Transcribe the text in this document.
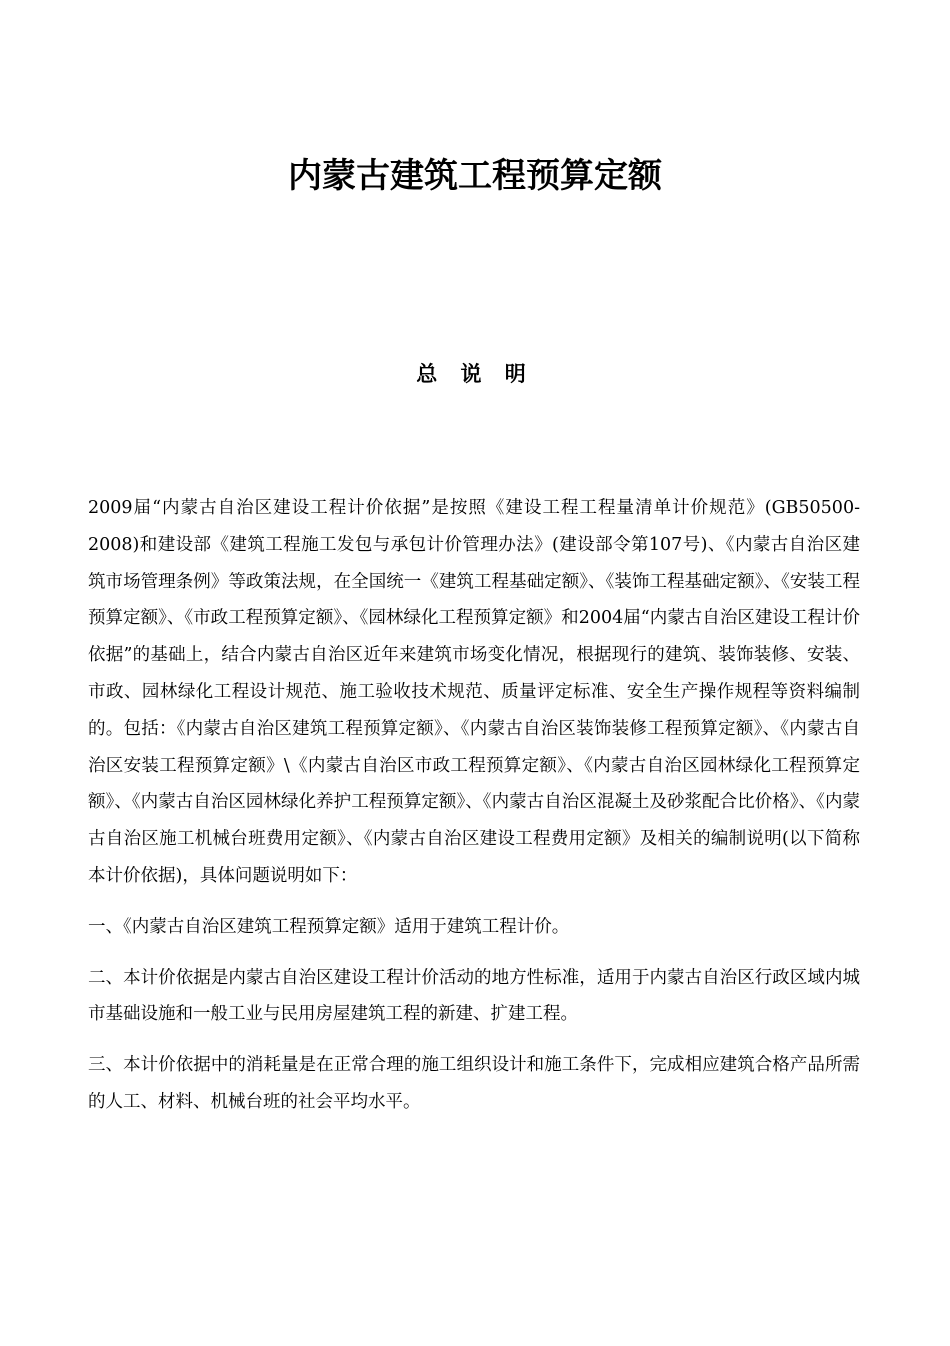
内蒙古建筑工程预算定额
总 说 明

2009届“内蒙古自治区建设工程计价依据”是按照《建设工程工程量清单计价规范》(GB50500-2008)和建设部《建筑工程施工发包与承包计价管理办法》(建设部令第107号)、《内蒙古自治区建筑市场管理条例》等政策法规，在全国统一《建筑工程基础定额》、《装饰工程基础定额》、《安装工程预算定额》、《市政工程预算定额》、《园林绿化工程预算定额》和2004届“内蒙古自治区建设工程计价依据”的基础上，结合内蒙古自治区近年来建筑市场变化情况，根据现行的建筑、装饰装修、安装、市政、园林绿化工程设计规范、施工验收技术规范、质量评定标准、安全生产操作规程等资料编制的。包括：《内蒙古自治区建筑工程预算定额》、《内蒙古自治区装饰装修工程预算定额》、《内蒙古自治区安装工程预算定额》\《内蒙古自治区市政工程预算定额》、《内蒙古自治区园林绿化工程预算定额》、《内蒙古自治区园林绿化养护工程预算定额》、《内蒙古自治区混凝土及砂浆配合比价格》、《内蒙古自治区施工机械台班费用定额》、《内蒙古自治区建设工程费用定额》及相关的编制说明(以下简称本计价依据)，具体问题说明如下：

一、《内蒙古自治区建筑工程预算定额》适用于建筑工程计价。

二、本计价依据是内蒙古自治区建设工程计价活动的地方性标准，适用于内蒙古自治区行政区域内城市基础设施和一般工业与民用房屋建筑工程的新建、扩建工程。

三、本计价依据中的消耗量是在正常合理的施工组织设计和施工条件下，完成相应建筑合格产品所需的人工、材料、机械台班的社会平均水平。
